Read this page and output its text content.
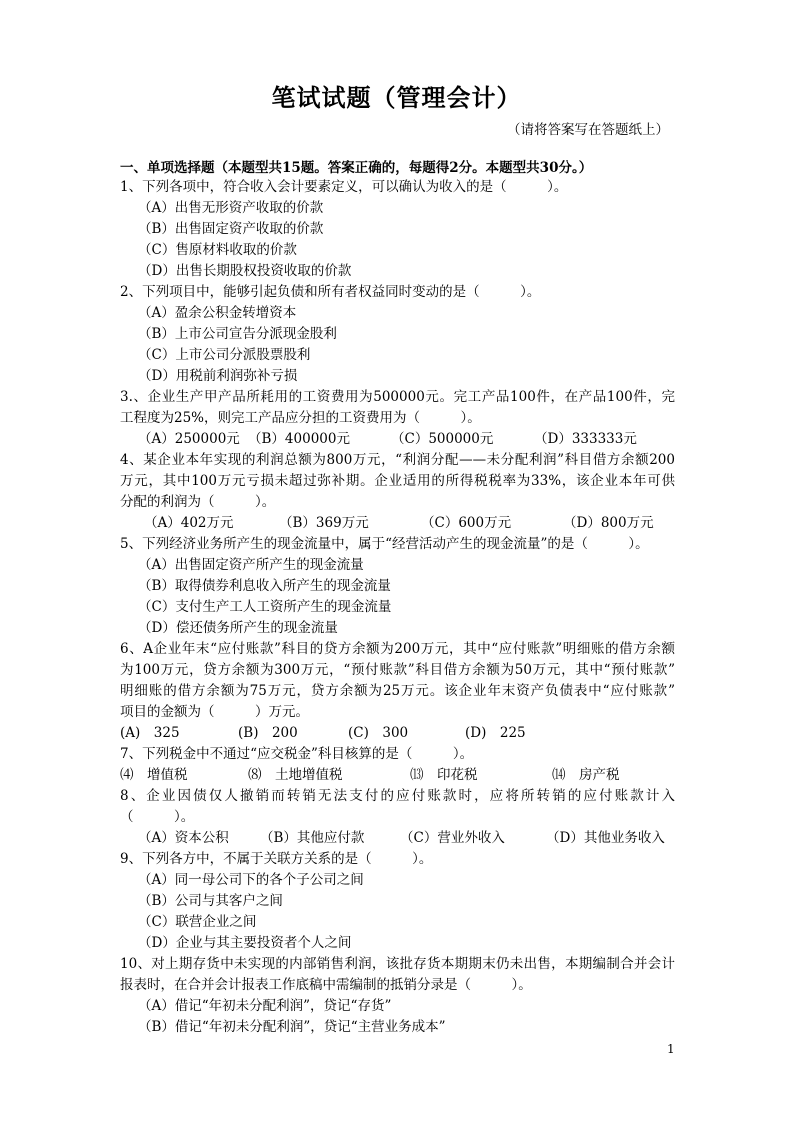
笔试试题（管理会计）
（请将答案写在答题纸上）
一、单项选择题（本题型共15题。答案正确的，每题得2分。本题型共30分。）
1、下列各项中，符合收入会计要素定义，可以确认为收入的是（　　　）。
（A）出售无形资产收取的价款
（B）出售固定资产收取的价款
（C）售原材料收取的价款
（D）出售长期股权投资收取的价款
2、下列项目中，能够引起负债和所有者权益同时变动的是（　　　）。
（A）盈余公积金转增资本
（B）上市公司宣告分派现金股利
（C）上市公司分派股票股利
（D）用税前利润弥补亏损
3.、企业生产甲产品所耗用的工资费用为500000元。完工产品100件，在产品100件，完
工程度为25%，则完工产品应分担的工资费用为（　　　）。
（A）250000元 （B）400000元	（C）500000元	（D）333333元
4、某企业本年实现的利润总额为800万元，“利润分配——未分配利润”科目借方余额200
万元，其中100万元亏损未超过弥补期。企业适用的所得税税率为33%，该企业本年可供
分配的利润为（　　　）。
（A）402万元	（B）369万元	（C）600万元	（D）800万元
5、下列经济业务所产生的现金流量中，属于“经营活动产生的现金流量”的是（　　　）。
（A）出售固定资产所产生的现金流量
（B）取得债券利息收入所产生的现金流量
（C）支付生产工人工资所产生的现金流量
（D）偿还债务所产生的现金流量
6、A企业年末“应付账款”科目的贷方余额为200万元，其中“应付账款”明细账的借方余额
为100万元，贷方余额为300万元，“预付账款”科目借方余额为50万元，其中“预付账款”
明细账的借方余额为75万元，贷方余额为25万元。该企业年末资产负债表中“应付账款”
项目的金额为（　　　）万元。
(A)　325	(B)　200	(C)　300	(D)　225
7、下列税金中不通过“应交税金”科目核算的是（　　　）。
⑷　增值税	⑻　土地增值税	⒀　印花税	⒁　房产税
8、企业因债仅人撤销而转销无法支付的应付账款时，应将所转销的应付账款计入
（　　　）。
（A）资本公积	（B）其他应付款	（C）营业外收入	（D）其他业务收入
9、下列各方中，不属于关联方关系的是（　　　）。
（A）同一母公司下的各个子公司之间
（B）公司与其客户之间
（C）联营企业之间
（D）企业与其主要投资者个人之间
10、对上期存货中未实现的内部销售利润，该批存货本期期末仍未出售，本期编制合并会计
报表时，在合并会计报表工作底稿中需编制的抵销分录是（　　　）。
（A）借记“年初未分配利润”，贷记“存货”
（B）借记“年初未分配利润”，贷记“主营业务成本”
1
